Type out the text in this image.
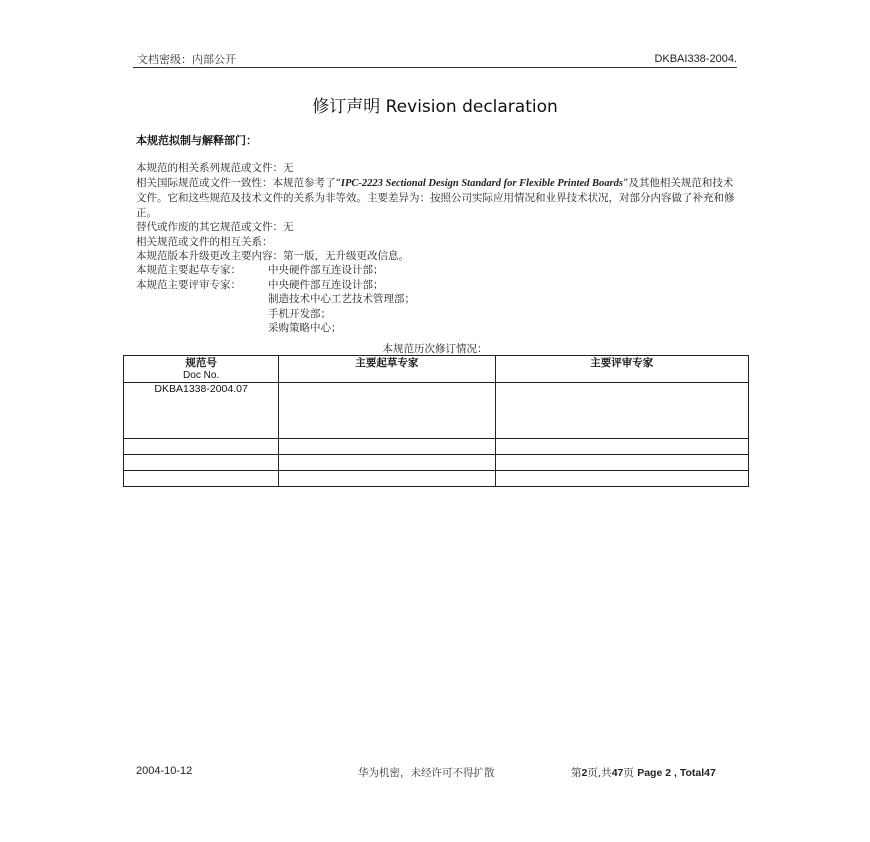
文档密级：内部公开	DKBAI338-2004.
修订声明 Revision declaration
本规范拟制与解释部门：

本规范的相关系列规范或文件：无

相关国际规范或文件一致性：本规范参考了“IPC-2223 Sectional Design Standard for Flexible Printed Boards”及其他相关规范和技术文件。它和这些规范及技术文件的关系为非等效。主要差异为：按照公司实际应用情况和业界技术状况，对部分内容做了补充和修正。

替代或作废的其它规范或文件：无

相关规范或文件的相互关系：

本规范版本升级更改主要内容：第一版，无升级更改信息。

本规范主要起草专家：	中央硬件部互连设计部；
本规范主要评审专家：	中央硬件部互连设计部；
制造技术中心工艺技术管理部；
手机开发部；
采购策略中心；
本规范历次修订情况：
规范号
Doc No.	主要起草专家	主要评审专家

DKBA1338-2004.07		

2004-10-12	华为机密，未经许可不得扩散	第2页,共47页 Page 2 , Total47
